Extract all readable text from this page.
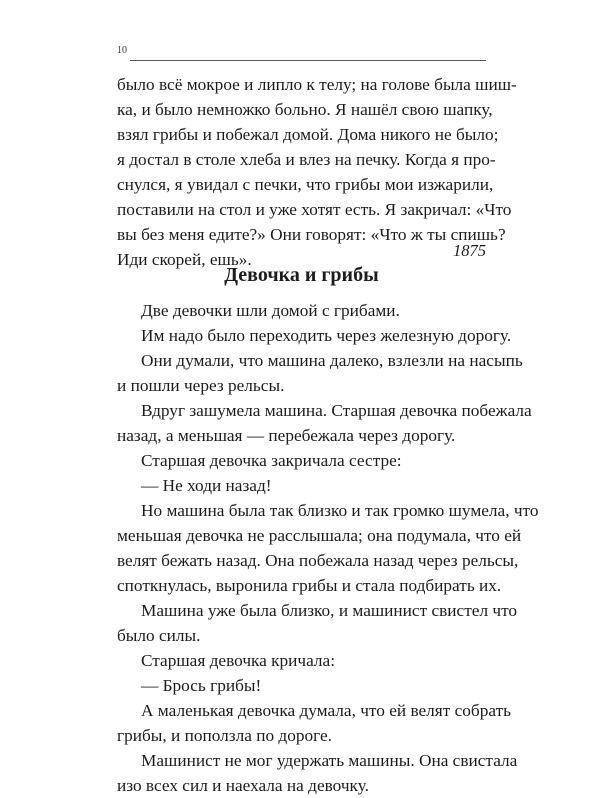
10
было всё мокрое и липло к телу; на голове была шиш-
ка, и было немножко больно. Я нашёл свою шапку,
взял грибы и побежал домой. Дома никого не было;
я достал в столе хлеба и влез на печку. Когда я про-
снулся, я увидал с печки, что грибы мои изжарили,
поставили на стол и уже хотят есть. Я закричал: «Что
вы без меня едите?» Они говорят: «Что ж ты спишь?
Иди скорей, ешь».	1875
Девочка и грибы
Две девочки шли домой с грибами.
Им надо было переходить через железную дорогу.
Они думали, что машина далеко, взлезли на насыпь
и пошли через рельсы.
Вдруг зашумела машина. Старшая девочка побежала
назад, а меньшая — перебежала через дорогу.
Старшая девочка закричала сестре:
— Не ходи назад!
Но машина была так близко и так громко шумела, что
меньшая девочка не расслышала; она подумала, что ей
велят бежать назад. Она побежала назад через рельсы,
споткнулась, выронила грибы и стала подбирать их.
Машина уже была близко, и машинист свистел что
было силы.
Старшая девочка кричала:
— Брось грибы!
А маленькая девочка думала, что ей велят собрать
грибы, и поползла по дороге.
Машинист не мог удержать машины. Она свистала
изо всех сил и наехала на девочку.
